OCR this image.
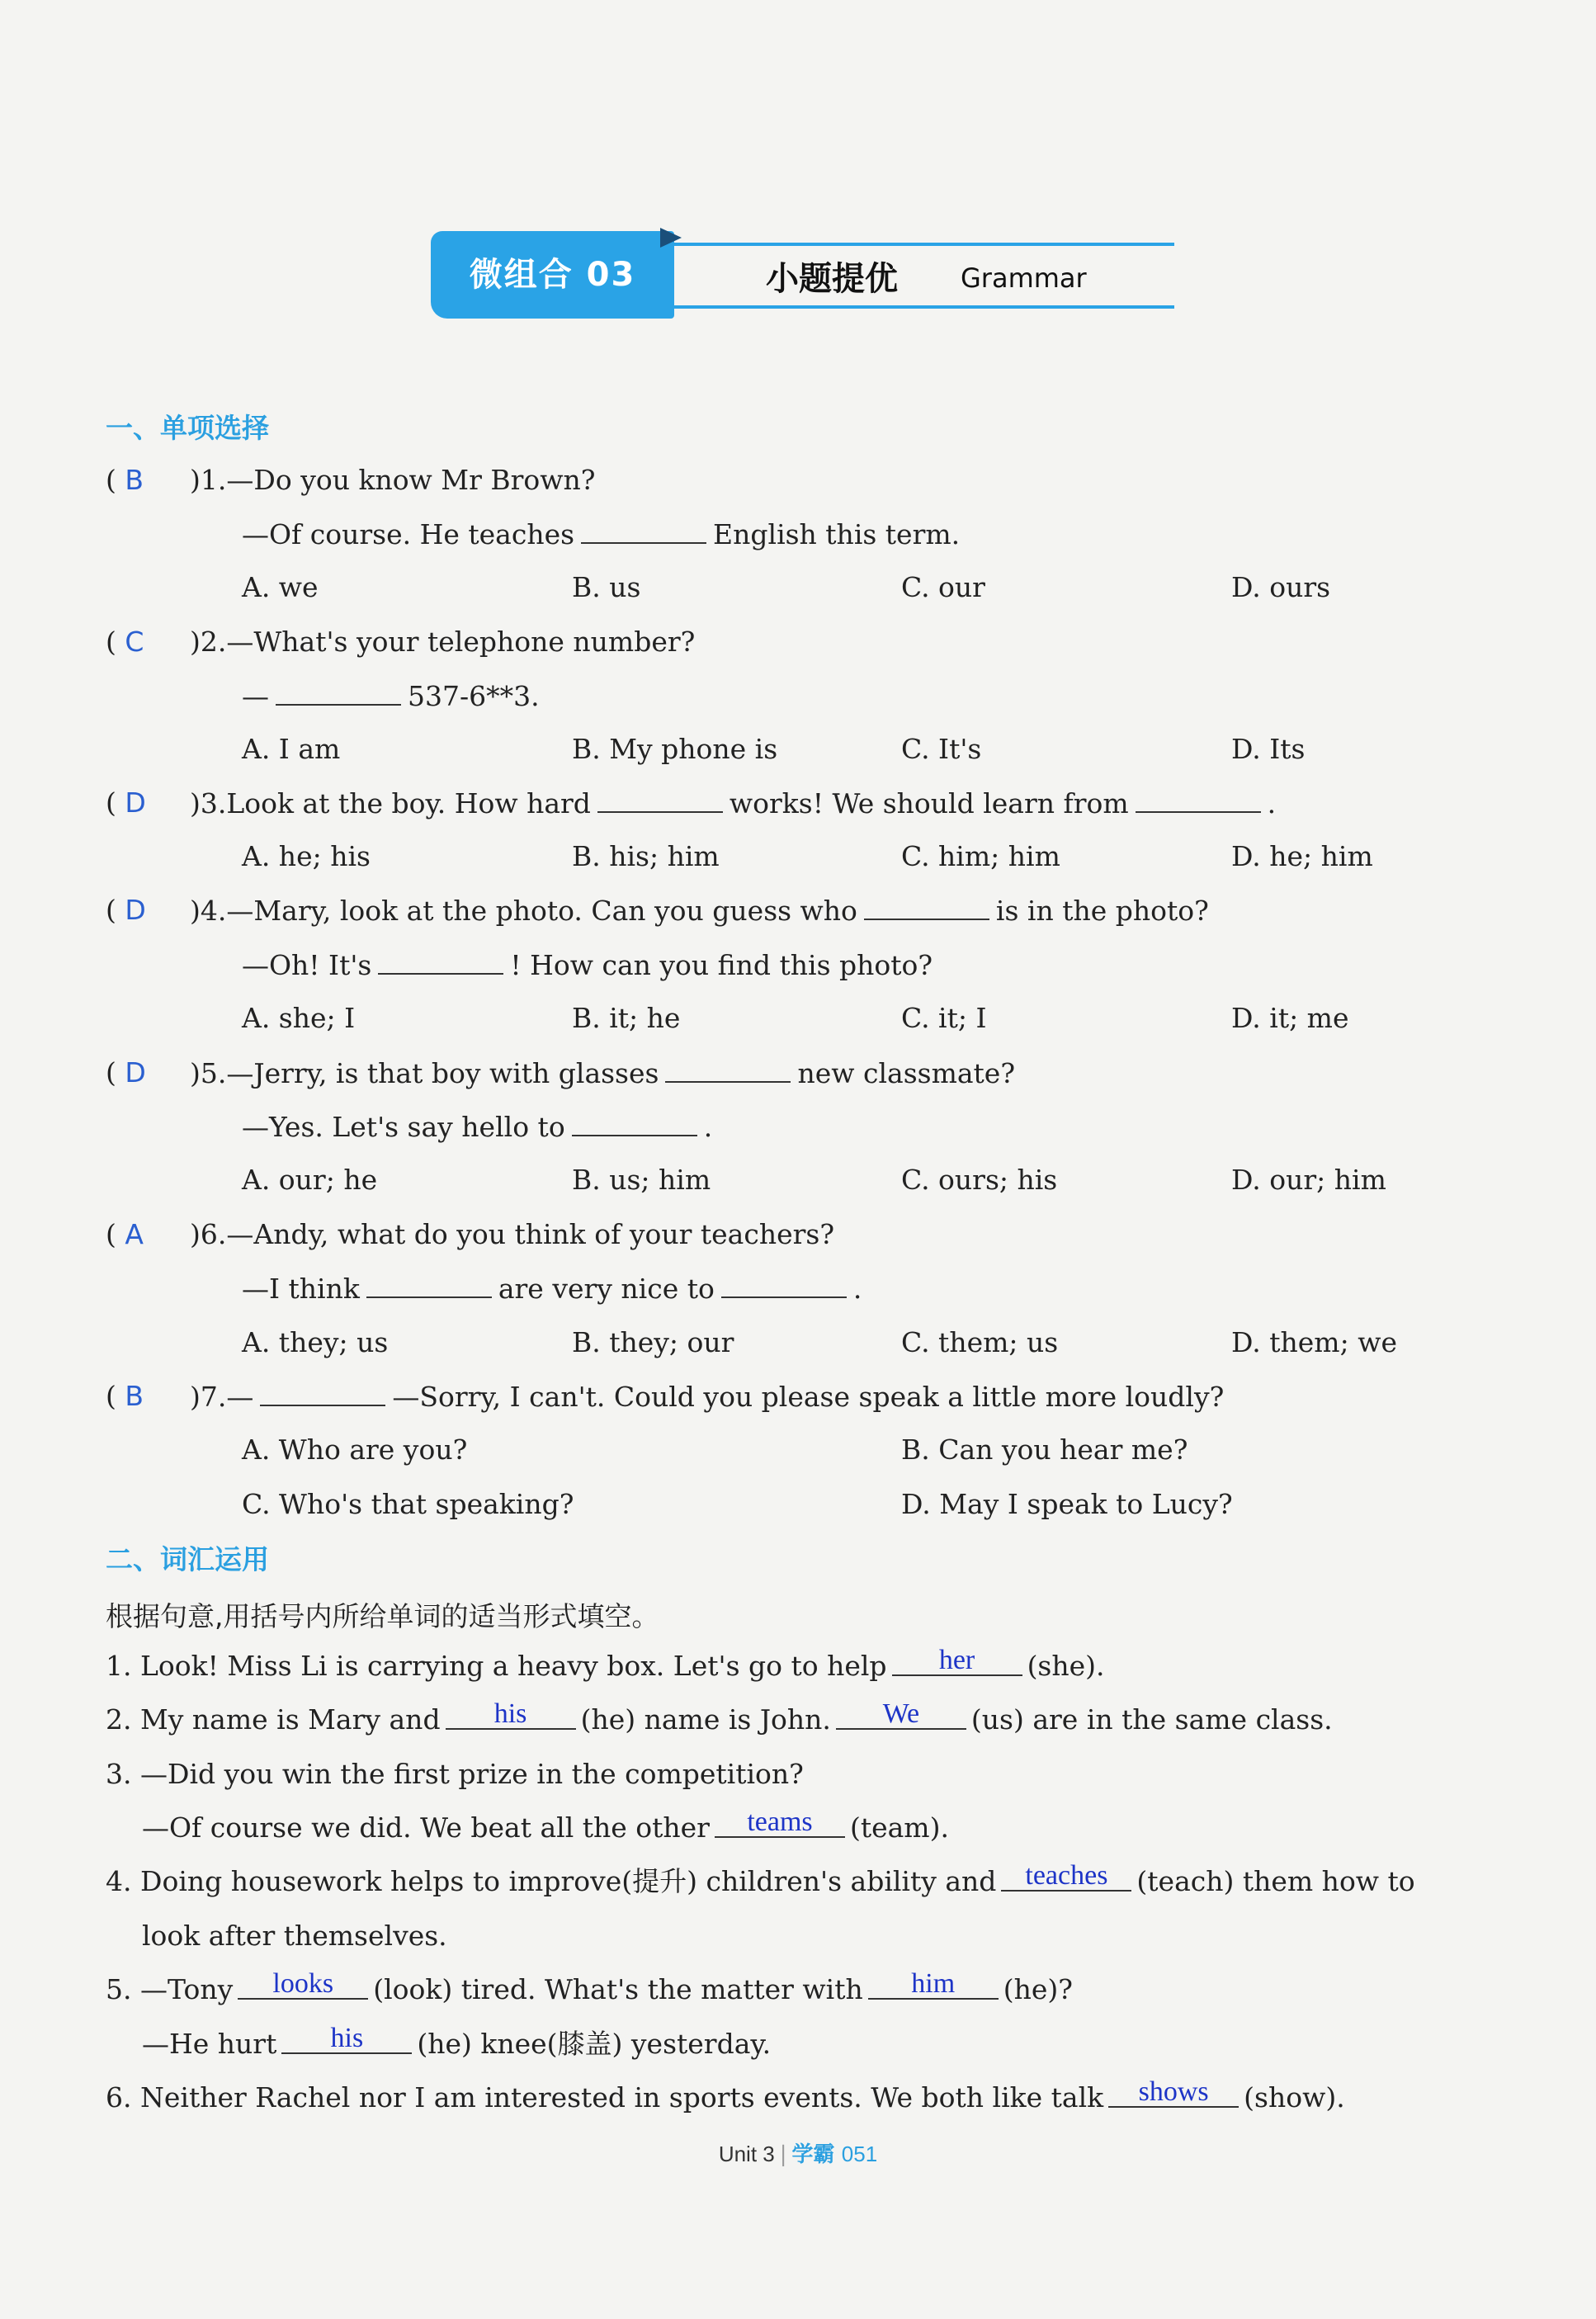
微组合 03	小题提优 Grammar
一、单项选择
( B )1.—Do you know Mr Brown?
—Of course. He teaches	English this term.
A. we	B. us	C. our	D. ours
( C )2.—What's your telephone number?
—	537-6**3.
A. I am	B. My phone is	C. It's	D. Its
( D )3.Look at the boy. How hard	works! We should learn from	.
A. he; his	B. his; him	C. him; him	D. he; him
( D )4.—Mary, look at the photo. Can you guess who	is in the photo?
—Oh! It's	! How can you find this photo?
A. she; I	B. it; he	C. it; I	D. it; me
( D )5.—Jerry, is that boy with glasses	new classmate?
—Yes. Let's say hello to	.
A. our; he	B. us; him	C. ours; his	D. our; him
( A )6.—Andy, what do you think of your teachers?
—I think	are very nice to	.
A. they; us	B. they; our	C. them; us	D. them; we
( B )7.—	—Sorry, I can't. Could you please speak a little more loudly?
A. Who are you?	B. Can you hear me?
C. Who's that speaking?	D. May I speak to Lucy?
二、词汇运用
根据句意,用括号内所给单词的适当形式填空。
1. Look! Miss Li is carrying a heavy box. Let's go to help her (she).
2. My name is Mary and his (he) name is John. We (us) are in the same class.
3. —Did you win the first prize in the competition?
—Of course we did. We beat all the other teams (team).
4. Doing housework helps to improve(提升) children's ability and teaches (teach) them how to
look after themselves.
5. —Tony looks (look) tired. What's the matter with him (he)?
—He hurt his (he) knee(膝盖) yesterday.
6. Neither Rachel nor I am interested in sports events. We both like talk shows (show).
Unit 3 | 学霸 051
